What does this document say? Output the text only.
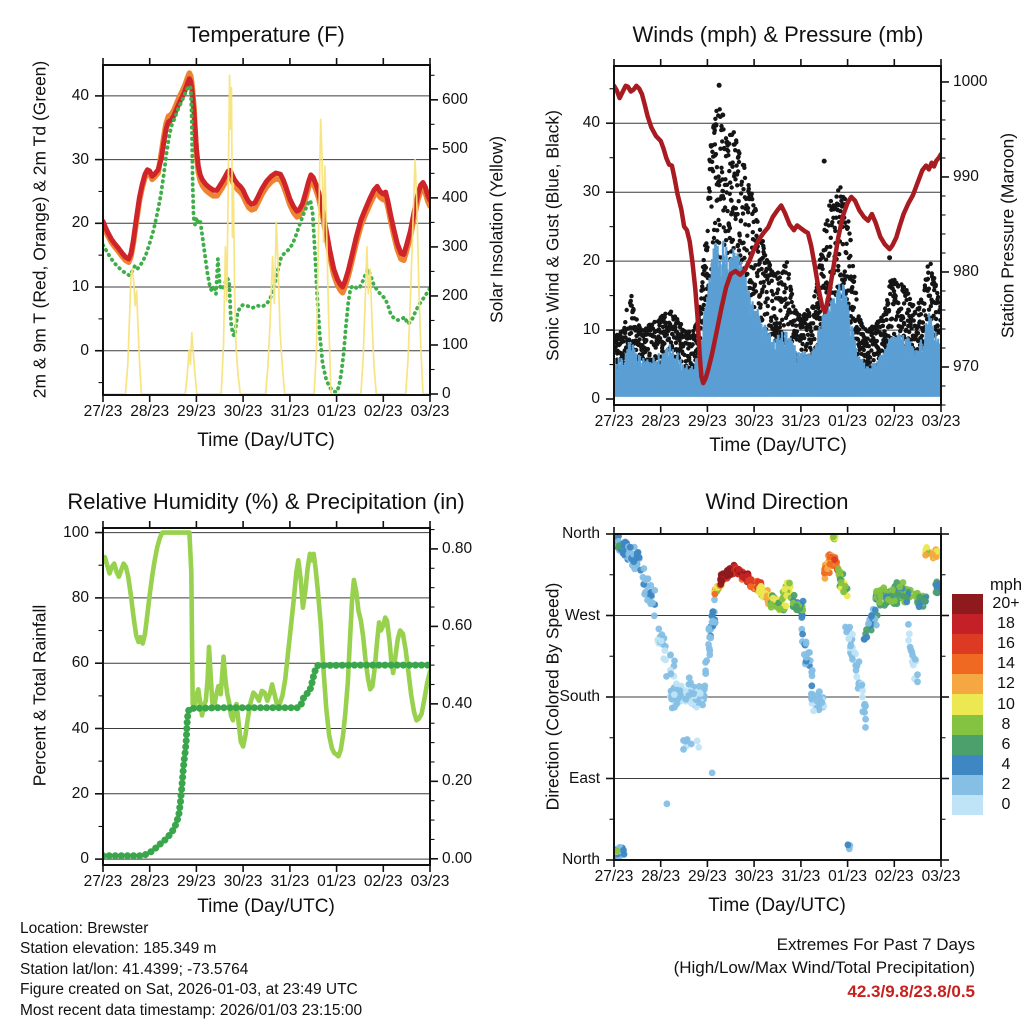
27/23 28/23 29/23 30/23 31/23 01/23 02/23 03/23
0
10
20
30
40
0
100
200
300
400
500
600
27/23 28/23 29/23 30/23 31/23 01/23 02/23 03/23
0
10
20
30
40
970
980
990
1000
27/23 28/23 29/23 30/23 31/23 01/23 02/23 03/23
0
20
40
60
80
100
0.00
0.20
0.40
0.60
0.80
27/23 28/23 29/23 30/23 31/23 01/23 02/23 03/23
North
West
South
East
North
20+
18
16
14
12
10
8
6
4
2
0
Temperature (F)	Winds (mph) & Pressure (mb)
Relative Humidity (%) & Precipitation (in)	Wind Direction
Time (Day/UTC)	Time (Day/UTC)
Time (Day/UTC)	Time (Day/UTC)
2m & 9m T (Red, Orange) & 2m Td (Green)	Solar Insolation (Yellow) Sonic Wind & Gust (Blue, Black)	Station Pressure (Maroon)
Percent & Total Rainfall	Direction (Colored By Speed)	mph
Location: Brewster
Station elevation: 185.349 m
Station lat/lon: 41.4399; -73.5764
Figure created on Sat, 2026-01-03, at 23:49 UTC
Most recent data timestamp: 2026/01/03 23:15:00
Extremes For Past 7 Days
(High/Low/Max Wind/Total Precipitation)
42.3/9.8/23.8/0.5
